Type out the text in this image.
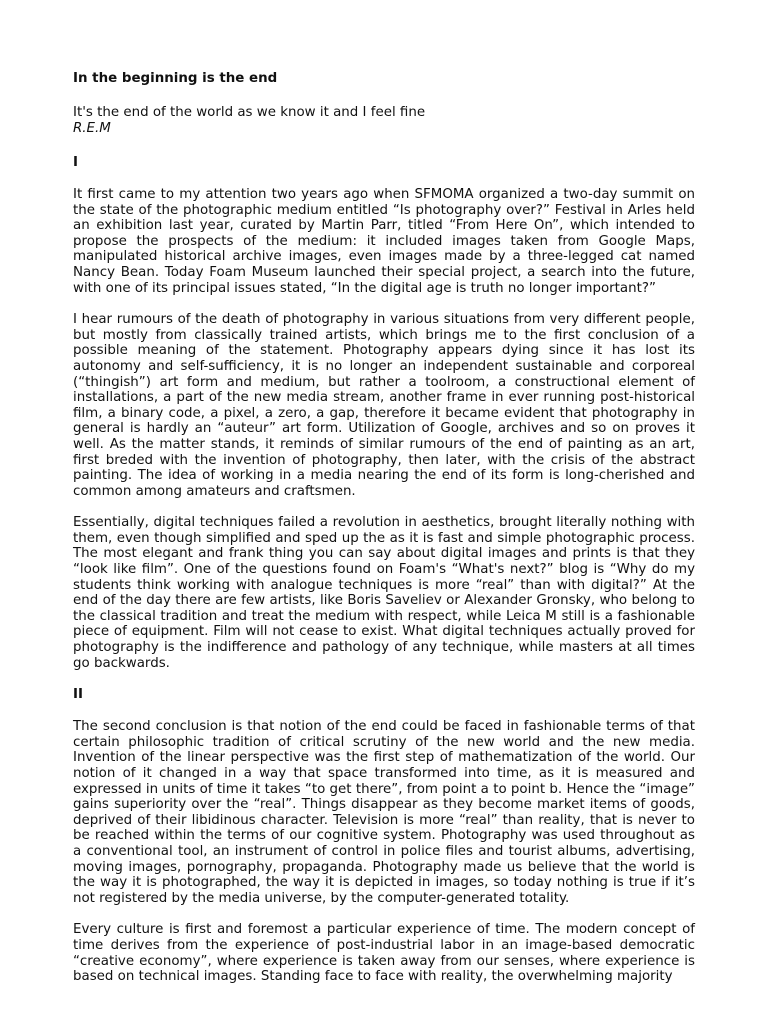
In the beginning is the end
It's the end of the world as we know it and I feel fine
R.E.M
I

It first came to my attention two years ago when SFMOMA organized a two-day summit on the state of the photographic medium entitled “Is photography over?” Festival in Arles held an exhibition last year, curated by Martin Parr, titled “From Here On”, which intended to propose the prospects of the medium: it included images taken from Google Maps, manipulated historical archive images, even images made by a three-legged cat named Nancy Bean. Today Foam Museum launched their special project, a search into the future, with one of its principal issues stated, “In the digital age is truth no longer important?”

I hear rumours of the death of photography in various situations from very different people, but mostly from classically trained artists, which brings me to the first conclusion of a possible meaning of the statement. Photography appears dying since it has lost its autonomy and self-sufficiency, it is no longer an independent sustainable and corporeal (“thingish”) art form and medium, but rather a toolroom, a constructional element of installations, a part of the new media stream, another frame in ever running post-historical film, a binary code, a pixel, a zero, a gap, therefore it became evident that photography in general is hardly an “auteur” art form. Utilization of Google, archives and so on proves it well. As the matter stands, it reminds of similar rumours of the end of painting as an art, first breded with the invention of photography, then later, with the crisis of the abstract painting. The idea of working in a media nearing the end of its form is long-cherished and common among amateurs and craftsmen.

Essentially, digital techniques failed a revolution in aesthetics, brought literally nothing with them, even though simplified and sped up the as it is fast and simple photographic process. The most elegant and frank thing you can say about digital images and prints is that they “look like film”. One of the questions found on Foam's “What's next?” blog is “Why do my students think working with analogue techniques is more “real” than with digital?” At the end of the day there are few artists, like Boris Saveliev or Alexander Gronsky, who belong to the classical tradition and treat the medium with respect, while Leica M still is a fashionable piece of equipment. Film will not cease to exist. What digital techniques actually proved for photography is the indifference and pathology of any technique, while masters at all times go backwards.

II

The second conclusion is that notion of the end could be faced in fashionable terms of that certain philosophic tradition of critical scrutiny of the new world and the new media. Invention of the linear perspective was the first step of mathematization of the world. Our notion of it changed in a way that space transformed into time, as it is measured and expressed in units of time it takes “to get there”, from point a to point b. Hence the “image” gains superiority over the “real”. Things disappear as they become market items of goods, deprived of their libidinous character. Television is more “real” than reality, that is never to be reached within the terms of our cognitive system. Photography was used throughout as a conventional tool, an instrument of control in police files and tourist albums, advertising, moving images, pornography, propaganda. Photography made us believe that the world is the way it is photographed, the way it is depicted in images, so today nothing is true if it’s not registered by the media universe, by the computer-generated totality.

Every culture is first and foremost a particular experience of time. The modern concept of time derives from the experience of post-industrial labor in an image-based democratic “creative economy”, where experience is taken away from our senses, where experience is based on technical images. Standing face to face with reality, the overwhelming majority
